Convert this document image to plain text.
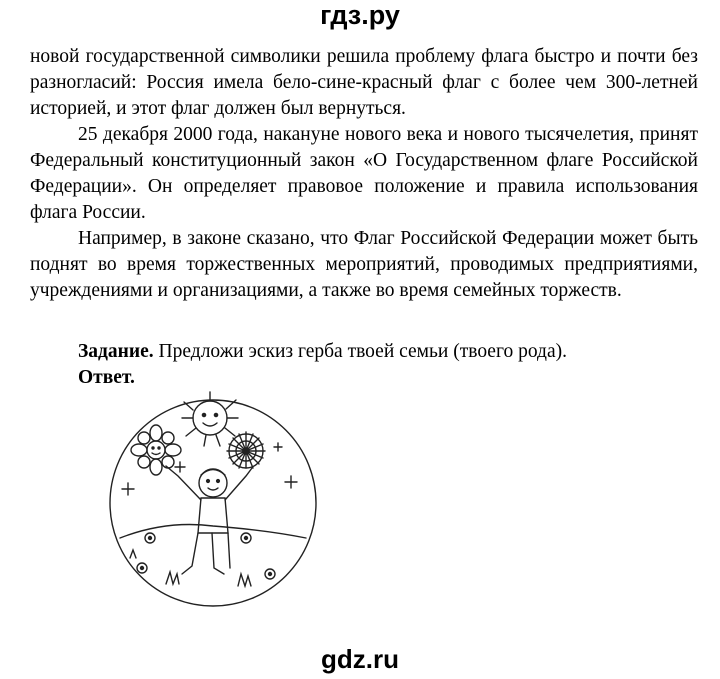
гдз.ру

новой государственной символики решила проблему флага быстро и почти без разногласий: Россия имела бело-сине-красный флаг с более чем 300-летней историей, и этот флаг должен был вернуться.

25 декабря 2000 года, накануне нового века и нового тысячелетия, принят Федеральный конституционный закон «О Государственном флаге Российской Федерации». Он определяет правовое положение и правила использования флага России.

Например, в законе сказано, что Флаг Российской Федерации может быть поднят во время торжественных мероприятий, проводимых предприятиями, учреждениями и организациями, а также во время семейных торжеств.

Задание. Предложи эскиз герба твоей семьи (твоего рода).
Ответ.
gdz.ru
